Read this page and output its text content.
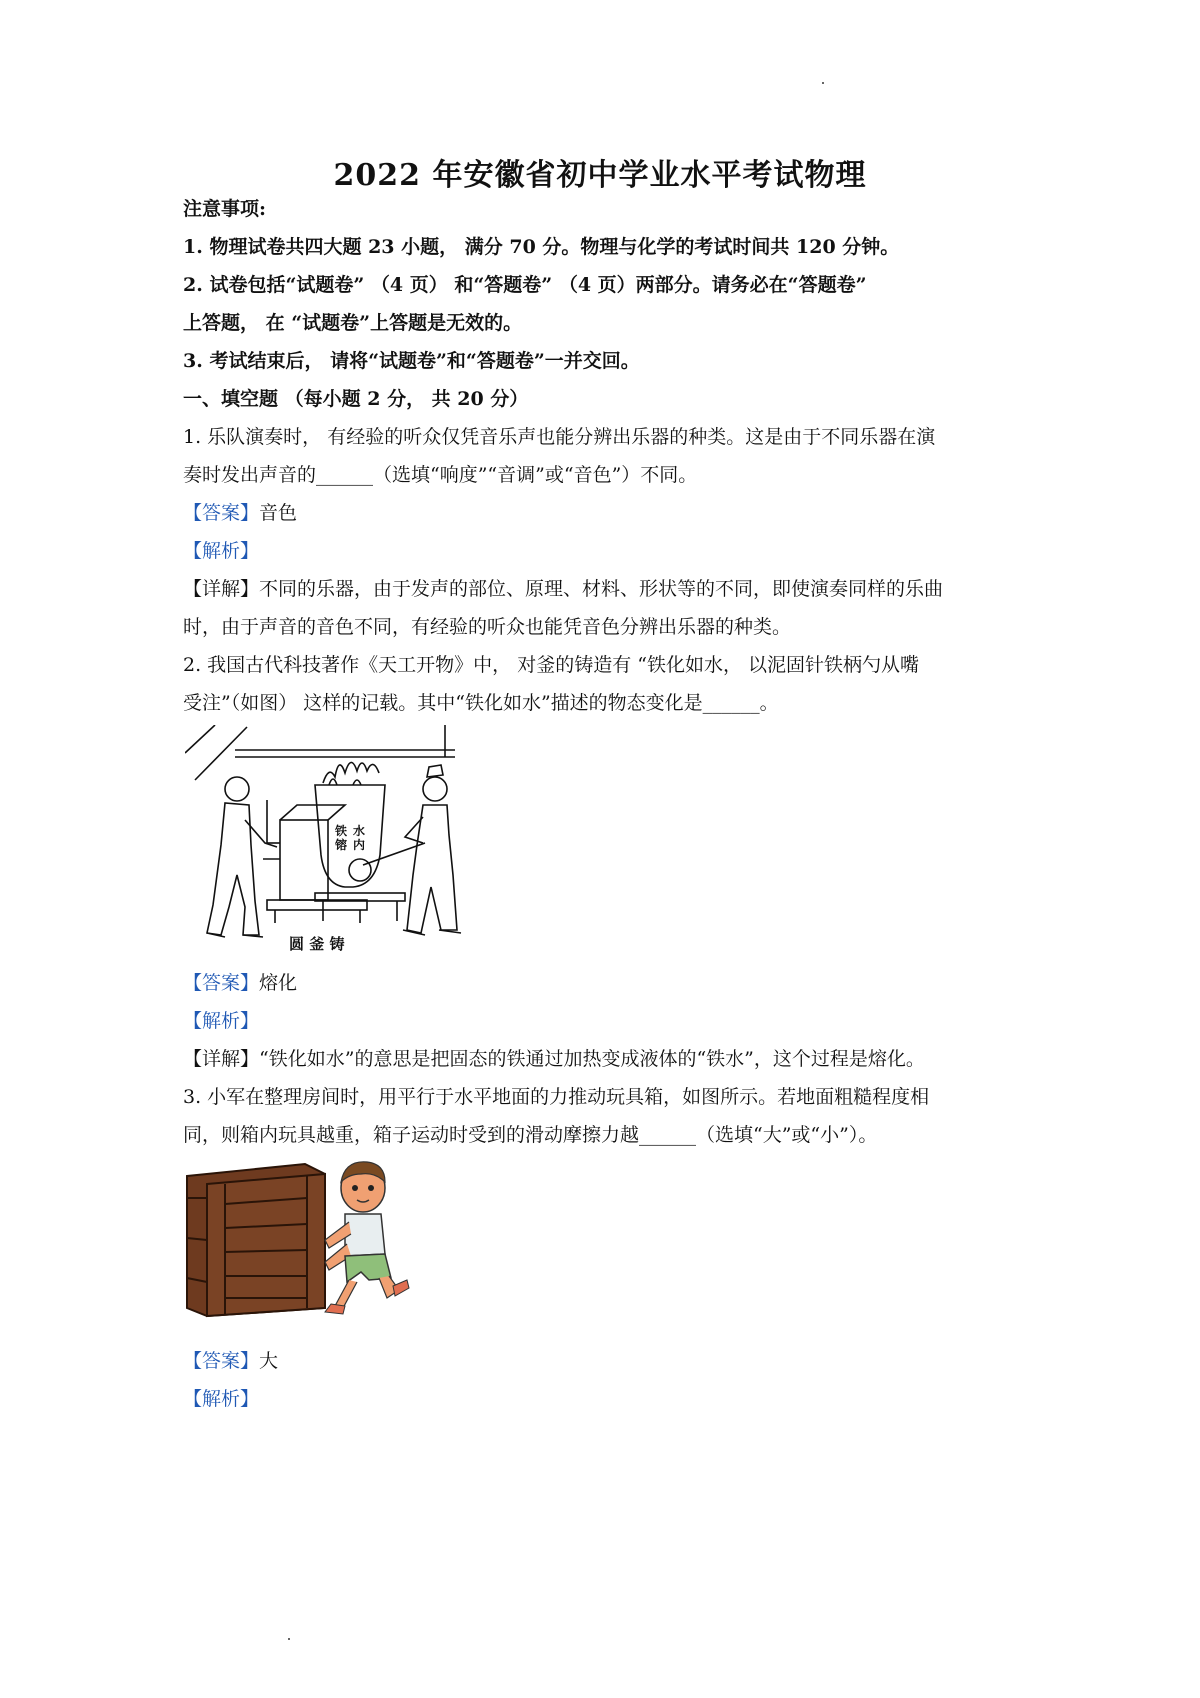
2022 年安徽省初中学业水平考试物理
注意事项:
1. 物理试卷共四大题 23 小题， 满分 70 分。物理与化学的考试时间共 120 分钟。
2. 试卷包括“试题卷” （4 页） 和“答题卷” （4 页）两部分。请务必在“答题卷”
上答题， 在 “试题卷”上答题是无效的。
3. 考试结束后， 请将“试题卷”和“答题卷”一并交回。
一、填空题 （每小题 2 分， 共 20 分）
1. 乐队演奏时， 有经验的听众仅凭音乐声也能分辨出乐器的种类。这是由于不同乐器在演
奏时发出声音的______（选填“响度”“音调”或“音色”）不同。
【答案】音色
【解析】
【详解】不同的乐器，由于发声的部位、原理、材料、形状等的不同，即使演奏同样的乐曲
时，由于声音的音色不同，有经验的听众也能凭音色分辨出乐器的种类。
2. 我国古代科技著作《天工开物》中， 对釜的铸造有 “铁化如水， 以泥固针铁柄勺从嘴
受注”（如图） 这样的记载。其中“铁化如水”描述的物态变化是______。
铁
镕
水
内
圆 釜 铸
【答案】熔化
【解析】
【详解】“铁化如水”的意思是把固态的铁通过加热变成液体的“铁水”，这个过程是熔化。
3. 小军在整理房间时，用平行于水平地面的力推动玩具箱，如图所示。若地面粗糙程度相
同，则箱内玩具越重，箱子运动时受到的滑动摩擦力越______（选填“大”或“小”）。
【答案】大
【解析】
